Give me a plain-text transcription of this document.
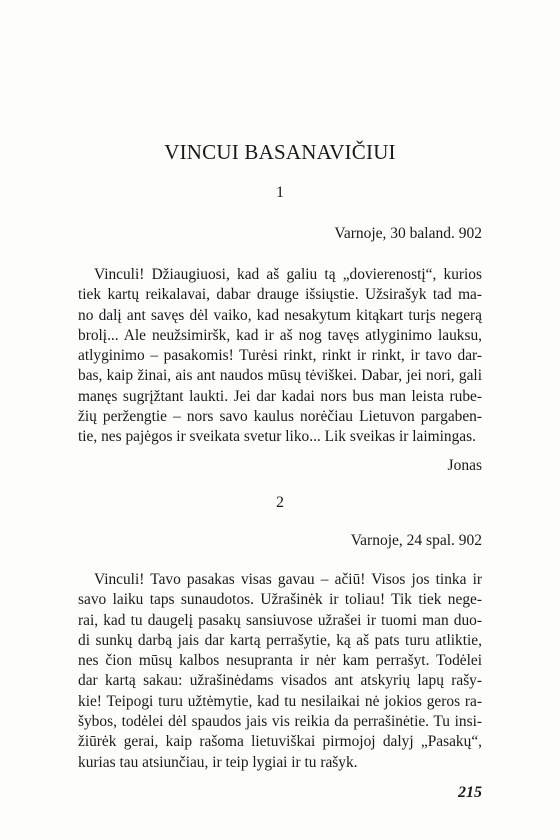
VINCUI BASANAVIČIUI
1
Varnoje, 30 baland. 902
Vinculi! Džiaugiuosi, kad aš galiu tą „dovierenostį“, kurios
tiek kartų reikalavai, dabar drauge išsiųstie. Užsirašyk tad ma-
no dalį ant savęs dėl vaiko, kad nesakytum kitąkart turįs negerą
brolį... Ale neužsimiršk, kad ir aš nog tavęs atlyginimo lauksu,
atlyginimo – pasakomis! Turėsi rinkt, rinkt ir rinkt, ir tavo dar-
bas, kaip žinai, ais ant naudos mūsų tėviškei. Dabar, jei nori, gali
manęs sugrįžtant laukti. Jei dar kadai nors bus man leista rube-
žių peržengtie – nors savo kaulus norėčiau Lietuvon pargaben-
tie, nes pajėgos ir sveikata svetur liko... Lik sveikas ir laimingas.
Jonas
2
Varnoje, 24 spal. 902
Vinculi! Tavo pasakas visas gavau – ačiū! Visos jos tinka ir
savo laiku taps sunaudotos. Užrašinėk ir toliau! Tik tiek nege-
rai, kad tu daugelį pasakų sansiuvose užrašei ir tuomi man duo-
di sunkų darbą jais dar kartą perrašytie, ką aš pats turu atliktie,
nes čion mūsų kalbos nesupranta ir nėr kam perrašyt. Todėlei
dar kartą sakau: užrašinėdams visados ant atskyrių lapų rašy-
kie! Teipogi turu užtėmytie, kad tu nesilaikai nė jokios geros ra-
šybos, todėlei dėl spaudos jais vis reikia da perrašinėtie. Tu insi-
žiūrėk gerai, kaip rašoma lietuviškai pirmojoj dalyj „Pasakų“,
kurias tau atsiunčiau, ir teip lygiai ir tu rašyk.
215
